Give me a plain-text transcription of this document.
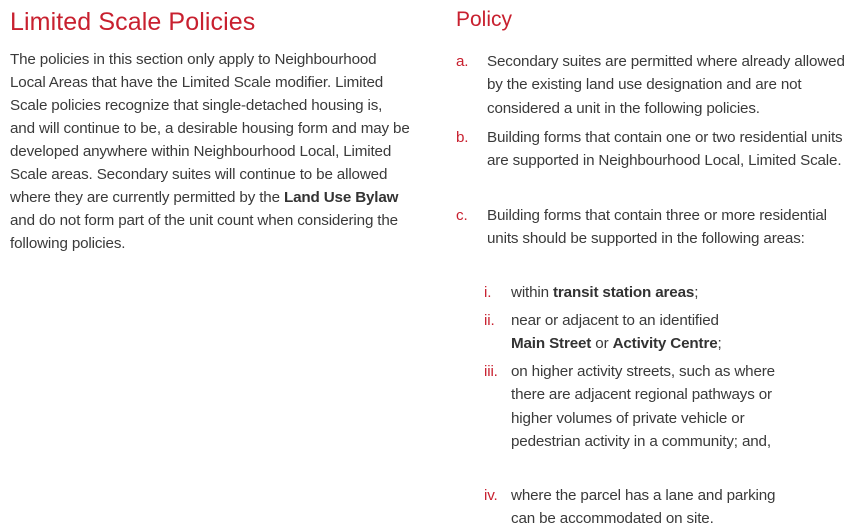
Limited Scale Policies

The policies in this section only apply to Neighbourhood Local Areas that have the Limited Scale modifier. Limited Scale policies recognize that single-detached housing is, and will continue to be, a desirable housing form and may be developed anywhere within Neighbourhood Local, Limited Scale areas. Secondary suites will continue to be allowed where they are currently permitted by the Land Use Bylaw and do not form part of the unit count when considering the following policies.

Policy
a. Secondary suites are permitted where already allowed by the existing land use designation and are not considered a unit in the following policies.
b. Building forms that contain one or two residential units are supported in Neighbourhood Local, Limited Scale.
c. Building forms that contain three or more residential units should be supported in the following areas:
i. within transit station areas;
ii. near or adjacent to an identified Main Street or Activity Centre;
iii. on higher activity streets, such as where there are adjacent regional pathways or higher volumes of private vehicle or pedestrian activity in a community; and,
iv. where the parcel has a lane and parking can be accommodated on site.
